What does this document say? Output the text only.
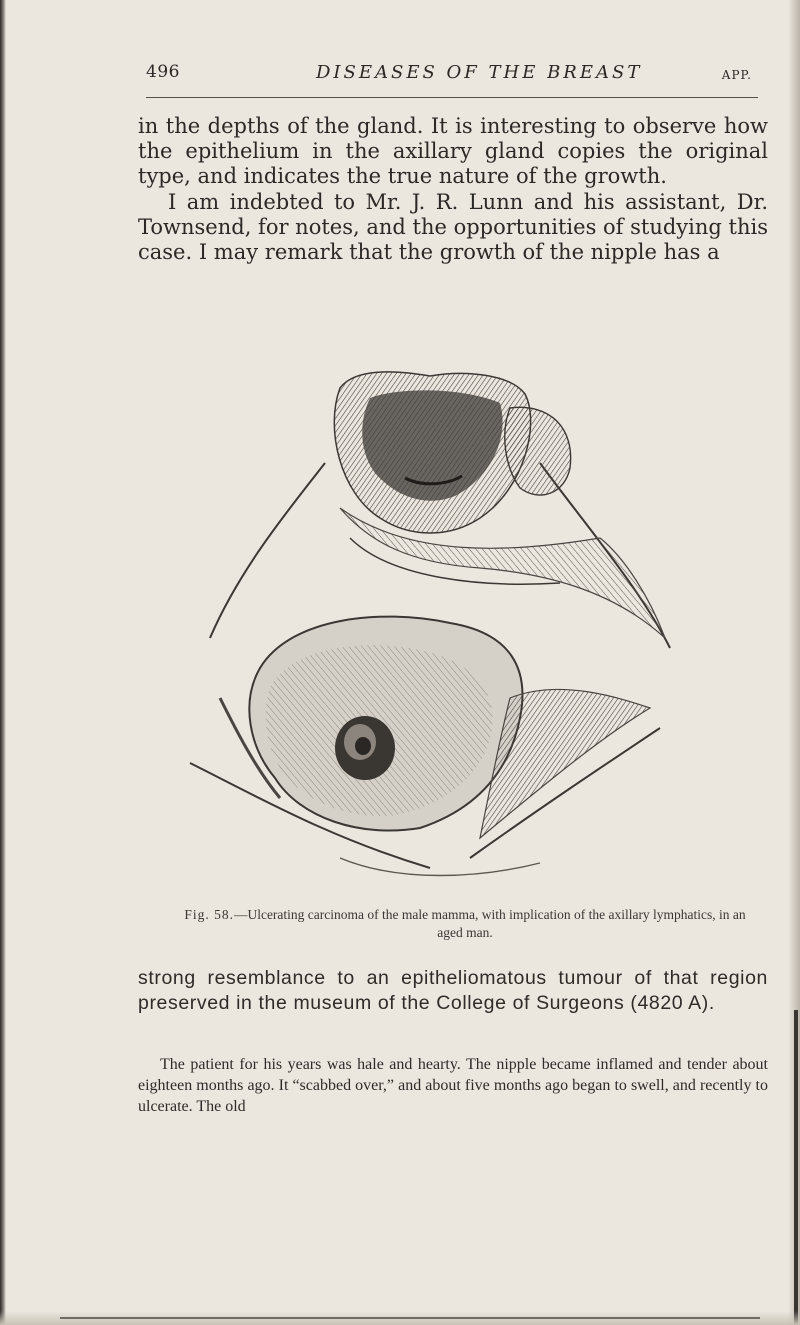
496	DISEASES OF THE BREAST	APP.

in the depths of the gland. It is interesting to observe how the epithelium in the axillary gland copies the original type, and indicates the true nature of the growth.

I am indebted to Mr. J. R. Lunn and his assistant, Dr. Townsend, for notes, and the opportunities of studying this case. I may remark that the growth of the nipple has a

Fig. 58.—Ulcerating carcinoma of the male mammа, with implication of the axillary lymphatics, in an aged man.

strong resemblance to an epitheliomatous tumour of that region preserved in the museum of the College of Surgeons (4820 A).

The patient for his years was hale and hearty. The nipple became inflamed and tender about eighteen months ago. It “scabbed over,” and about five months ago began to swell, and recently to ulcerate. The old
